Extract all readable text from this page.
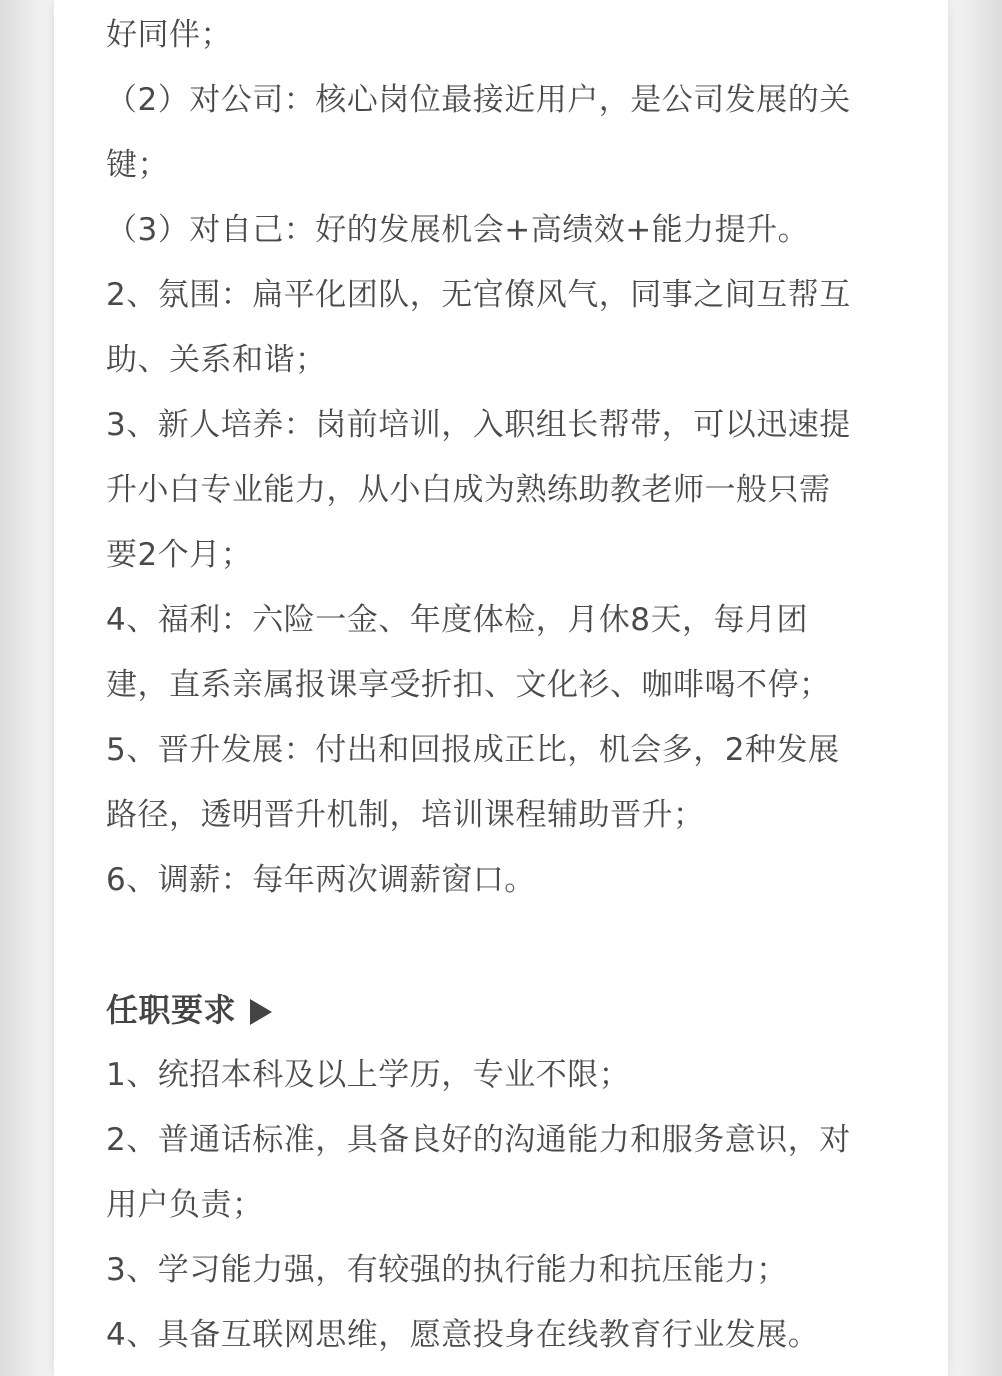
好同伴；
（2）对公司：核心岗位最接近用户，是公司发展的关
键；
（3）对自己：好的发展机会+高绩效+能力提升。
2、氛围：扁平化团队，无官僚风气，同事之间互帮互
助、关系和谐；
3、新人培养：岗前培训，入职组长帮带，可以迅速提
升小白专业能力，从小白成为熟练助教老师一般只需
要2个月；
4、福利：六险一金、年度体检，月休8天，每月团
建，直系亲属报课享受折扣、文化衫、咖啡喝不停；
5、晋升发展：付出和回报成正比，机会多，2种发展
路径，透明晋升机制，培训课程辅助晋升；
6、调薪：每年两次调薪窗口。
任职要求
1、统招本科及以上学历，专业不限；
2、普通话标准，具备良好的沟通能力和服务意识，对
用户负责；
3、学习能力强，有较强的执行能力和抗压能力；
4、具备互联网思维，愿意投身在线教育行业发展。
